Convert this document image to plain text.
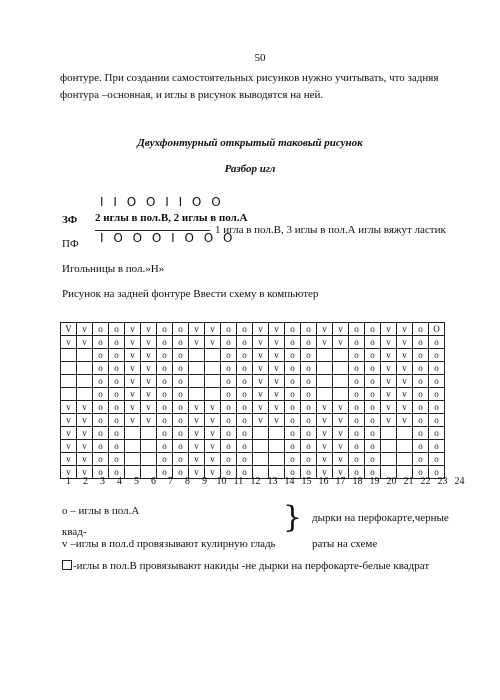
50
фонтуре. При создании самостоятельных рисунков нужно учитывать, что задняя
фонтура –основная, и иглы в рисунок выводятся на ней.
Двухфонтурный открытый таковый рисунок
Разбор игл
I I O O I I O O
ЗФ 2 иглы в пол.В, 2 иглы в пол.А
1 игла в пол.В, 3 иглы в пол.А иглы вяжут ластик
ПФ I O O O I O O O
Игольницы в пол.»Н»
Рисунок на задней фонтуре Ввести схему в компьютер
V	v	o	o	v	v	o	o	v	v	o	o	v	v	o	o	v	v	o	o	v	v	o	O
v	v	o	o	v	v	o	o	v	v	o	o	v	v	o	o	v	v	o	o	v	v	o	o
		o	o	v	v	o	o			o	o	v	v	o	o			o	o	v	v	o	o
		o	o	v	v	o	o			o	o	v	v	o	o			o	o	v	v	o	o
		o	o	v	v	o	o			o	o	v	v	o	o			o	o	v	v	o	o
		o	o	v	v	o	o			o	o	v	v	o	o			o	o	v	v	o	o
v	v	o	o	v	v	o	o	v	v	o	o	v	v	o	o	v	v	o	o	v	v	o	o
v	v	o	o	v	v	o	o	v	v	o	o	v	v	o	o	v	v	o	o	v	v	o	o
v	v	o	o			o	o	v	v	o	o			o	o	v	v	o	o			o	o
v	v	o	o			o	o	v	v	o	o			o	o	v	v	o	o			o	o
v	v	o	o			o	o	v	v	o	o			o	o	v	v	o	o			o	o
v	v	o	o			o	o	v	v	o	o			o	o	v	v	o	o			o	o
1 2 3 4 5 6 7 8 9 10 11 12 13 14 15 16 17 18 19 20 21 22 23 24
о – иглы в пол.А
квад-
v –иглы в пол.d провязывают кулирную гладь
} дырки на перфокарте,черные
раты на схеме
-иглы в пол.В провязывают накиды -не дырки на перфокарте-белые квадрат
